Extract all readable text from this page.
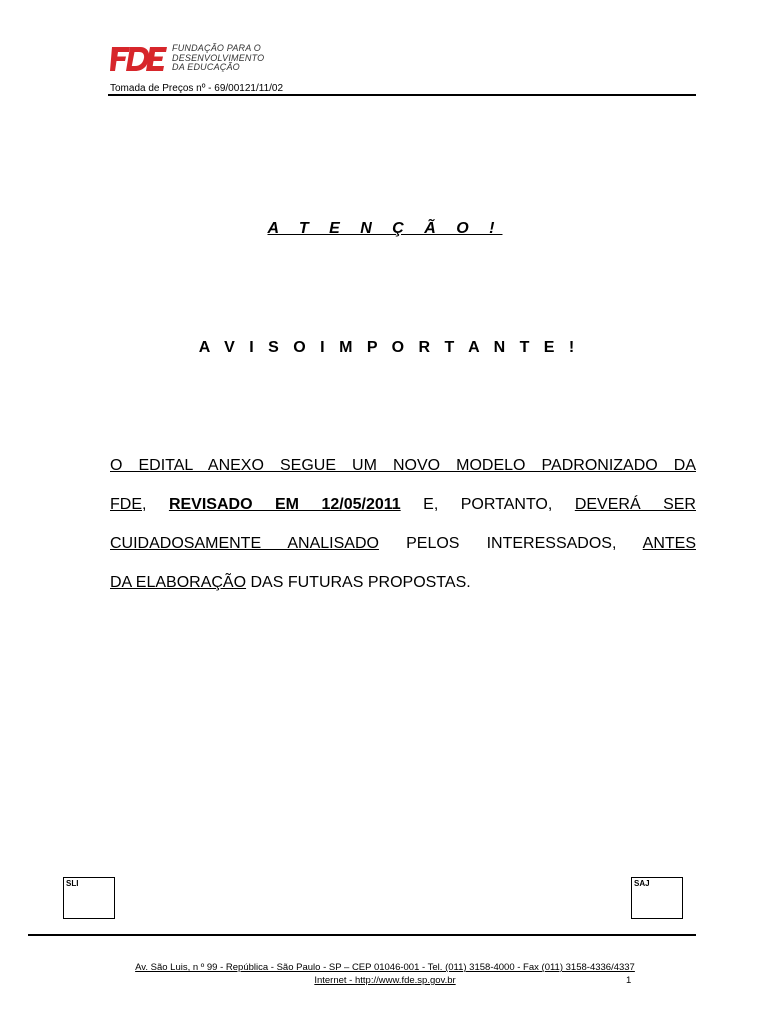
FUNDAÇÃO PARA O
DESENVOLVIMENTO
DA EDUCAÇÃO
Tomada de Preços nº - 69/00121/11/02
A T E N Ç Ã O !
A V I S O I M P O R T A N T E !
O EDITAL ANEXO SEGUE UM NOVO MODELO PADRONIZADO DA
FDE, REVISADO EM 12/05/2011 E, PORTANTO, DEVERÁ SER
CUIDADOSAMENTE ANALISADO PELOS INTERESSADOS, ANTES
DA ELABORAÇÃO DAS FUTURAS PROPOSTAS.
SLI	SAJ
Av. São Luis, n º 99 - República - São Paulo - SP – CEP 01046-001 - Tel. (011) 3158-4000 - Fax (011) 3158-4336/4337
Internet - http://www.fde.sp.gov.br	1
